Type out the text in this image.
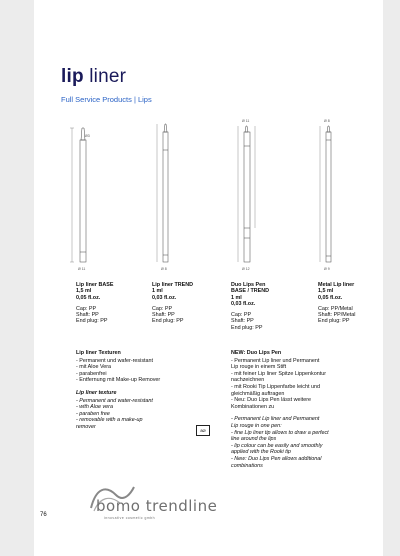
lip liner
Full Service Products | Lips
Ø3
Ø 11	Ø 8
Ø 11
Ø 12
Ø 8
Ø 9
Lip liner BASE
1,5 ml
0,05 fl.oz.
Cap: PP
Shaft: PP
End plug: PP
Lip liner TREND
1 ml
0,03 fl.oz.
Cap: PP
Shaft: PP
End plug: PP
Duo Lips Pen
BASE / TREND
1 ml
0,03 fl.oz.
Cap: PP
Shaft: PP
End plug: PP
Metal Lip liner
1,5 ml
0,05 fl.oz.
Cap: PP/Metal
Shaft: PP/Metal
End plug: PP
Lip liner Texturen
- Permanent und wafer-resistant
- mit Aloe Vera
- parabenfrei
- Entfernung mit Make-up Remover
Lip liner texture
- Permanent and water-resistant
- with Aloe vera
- paraben free
- removable with a make-up
remover
8Ø
NEW: Duo Lips Pen
- Permanent Lip liner und Permanent
Lip rouge in einem Stift
- mit feiner Lip liner Spitze Lippenkontur
nachzeichnen
- mit Rooki Tip Lippenfarbe leicht und
gleichmäßig auftragen
- Neu: Duo Lips Pen lässt weitere
Kombinationen zu
- Permanent Lip liner and Permanent
Lip rouge in one pen:
- fine Lip liner tip allows to draw a perfect
line around the lips
- lip colour can be easily and smoothly
applied with the Rooki tip
- New: Duo Lips Pen allows additional
combinations
bomo trendline
innovative cosmetic gmbh
76
